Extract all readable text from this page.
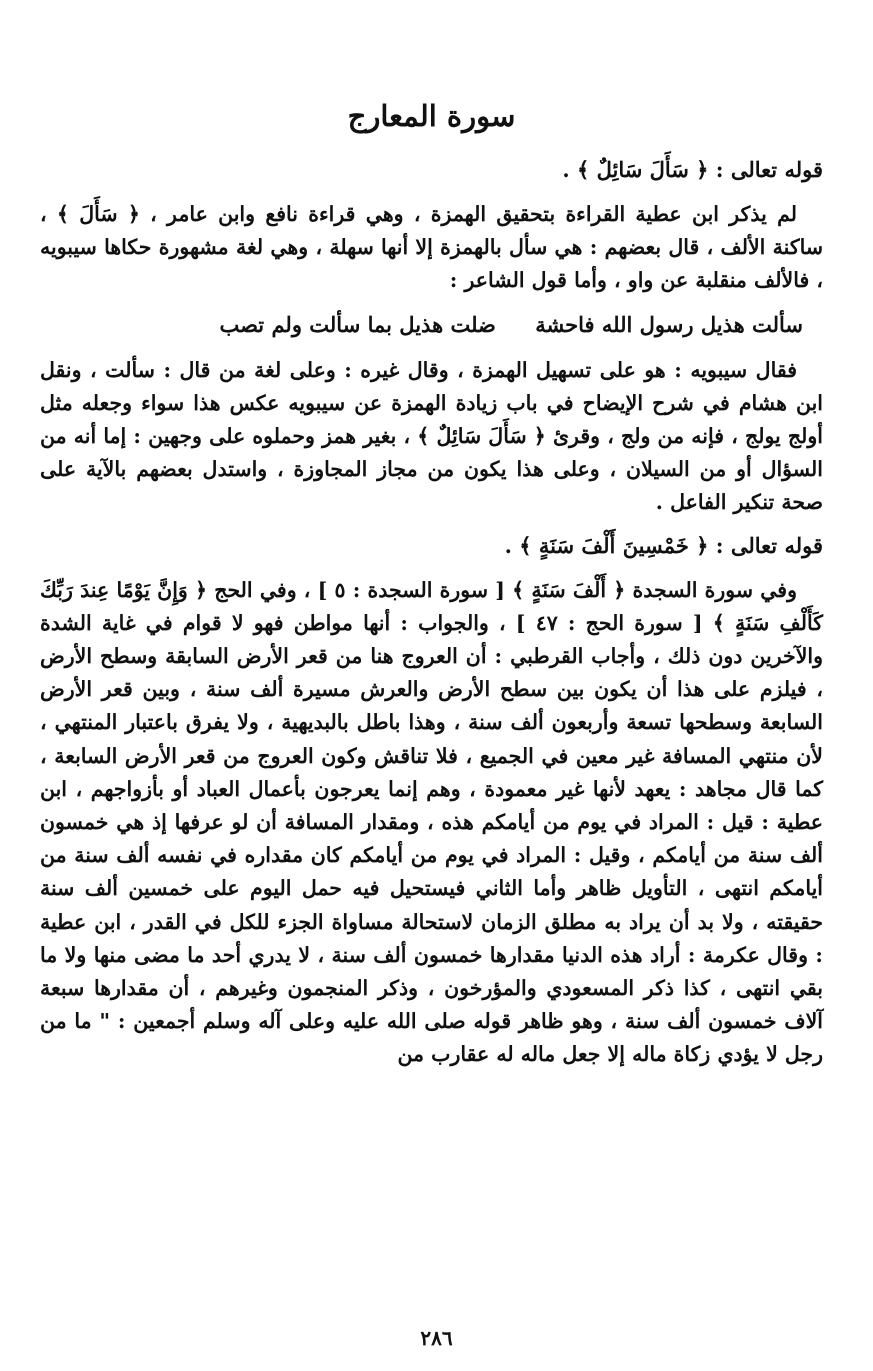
سورة المعارج
قوله تعالى : ﴿ سَأَلَ سَائِلٌ ﴾ .

لم يذكر ابن عطية القراءة بتحقيق الهمزة ، وهي قراءة نافع وابن عامر ، ﴿ سَأَلَ ﴾ ، ساكنة الألف ، قال بعضهم : هي سأل بالهمزة إلا أنها سهلة ، وهي لغة مشهورة حكاها سيبويه ، فالألف منقلبة عن واو ، وأما قول الشاعر :

سألت هذيل رسول الله فاحشة ضلت هذيل بما سألت ولم تصب

فقال سيبويه : هو على تسهيل الهمزة ، وقال غيره : وعلى لغة من قال : سألت ، ونقل ابن هشام في شرح الإيضاح في باب زيادة الهمزة عن سيبويه عكس هذا سواء وجعله مثل أولج يولج ، فإنه من ولج ، وقرئ ﴿ سَأَلَ سَائِلٌ ﴾ ، بغير همز وحملوه على وجهين : إما أنه من السؤال أو من السيلان ، وعلى هذا يكون من مجاز المجاوزة ، واستدل بعضهم بالآية على صحة تنكير الفاعل .

قوله تعالى : ﴿ خَمْسِينَ أَلْفَ سَنَةٍ ﴾ .

وفي سورة السجدة ﴿ أَلْفَ سَنَةٍ ﴾ [ سورة السجدة : ٥ ] ، وفي الحج ﴿ وَإِنَّ يَوْمًا عِندَ رَبِّكَ كَأَلْفِ سَنَةٍ ﴾ [ سورة الحج : ٤٧ ] ، والجواب : أنها مواطن فهو لا قوام في غاية الشدة والآخرين دون ذلك ، وأجاب القرطبي : أن العروج هنا من قعر الأرض السابقة وسطح الأرض ، فيلزم على هذا أن يكون بين سطح الأرض والعرش مسيرة ألف سنة ، وبين قعر الأرض السابعة وسطحها تسعة وأربعون ألف سنة ، وهذا باطل بالبديهية ، ولا يفرق باعتبار المنتهي ، لأن منتهي المسافة غير معين في الجميع ، فلا تناقش وكون العروج من قعر الأرض السابعة ، كما قال مجاهد : يعهد لأنها غير معمودة ، وهم إنما يعرجون بأعمال العباد أو بأزواجهم ، ابن عطية : قيل : المراد في يوم من أيامكم هذه ، ومقدار المسافة أن لو عرفها إذ هي خمسون ألف سنة من أيامكم ، وقيل : المراد في يوم من أيامكم كان مقداره في نفسه ألف سنة من أيامكم انتهى ، التأويل ظاهر وأما الثاني فيستحيل فيه حمل اليوم على خمسين ألف سنة حقيقته ، ولا بد أن يراد به مطلق الزمان لاستحالة مساواة الجزء للكل في القدر ، ابن عطية : وقال عكرمة : أراد هذه الدنيا مقدارها خمسون ألف سنة ، لا يدري أحد ما مضى منها ولا ما بقي انتهى ، كذا ذكر المسعودي والمؤرخون ، وذكر المنجمون وغيرهم ، أن مقدارها سبعة آلاف خمسون ألف سنة ، وهو ظاهر قوله صلى الله عليه وعلى آله وسلم أجمعين : " ما من رجل لا يؤدي زكاة ماله إلا جعل ماله له عقارب من

٢٨٦
